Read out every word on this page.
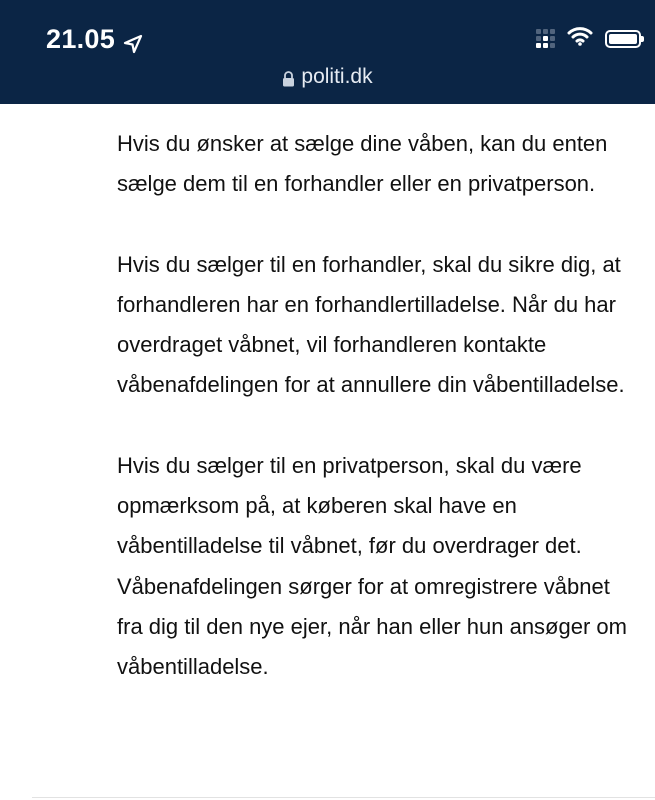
21.05
politi.dk

Hvis du ønsker at sælge dine våben, kan du enten sælge dem til en forhandler eller en privatperson.

Hvis du sælger til en forhandler, skal du sikre dig, at forhandleren har en forhandlertilladelse. Når du har overdraget våbnet, vil forhandleren kontakte våbenafdelingen for at annullere din våbentilladelse.

Hvis du sælger til en privatperson, skal du være opmærksom på, at køberen skal have en våbentilladelse til våbnet, før du overdrager det. Våbenafdelingen sørger for at omregistrere våbnet fra dig til den nye ejer, når han eller hun ansøger om våbentilladelse.
